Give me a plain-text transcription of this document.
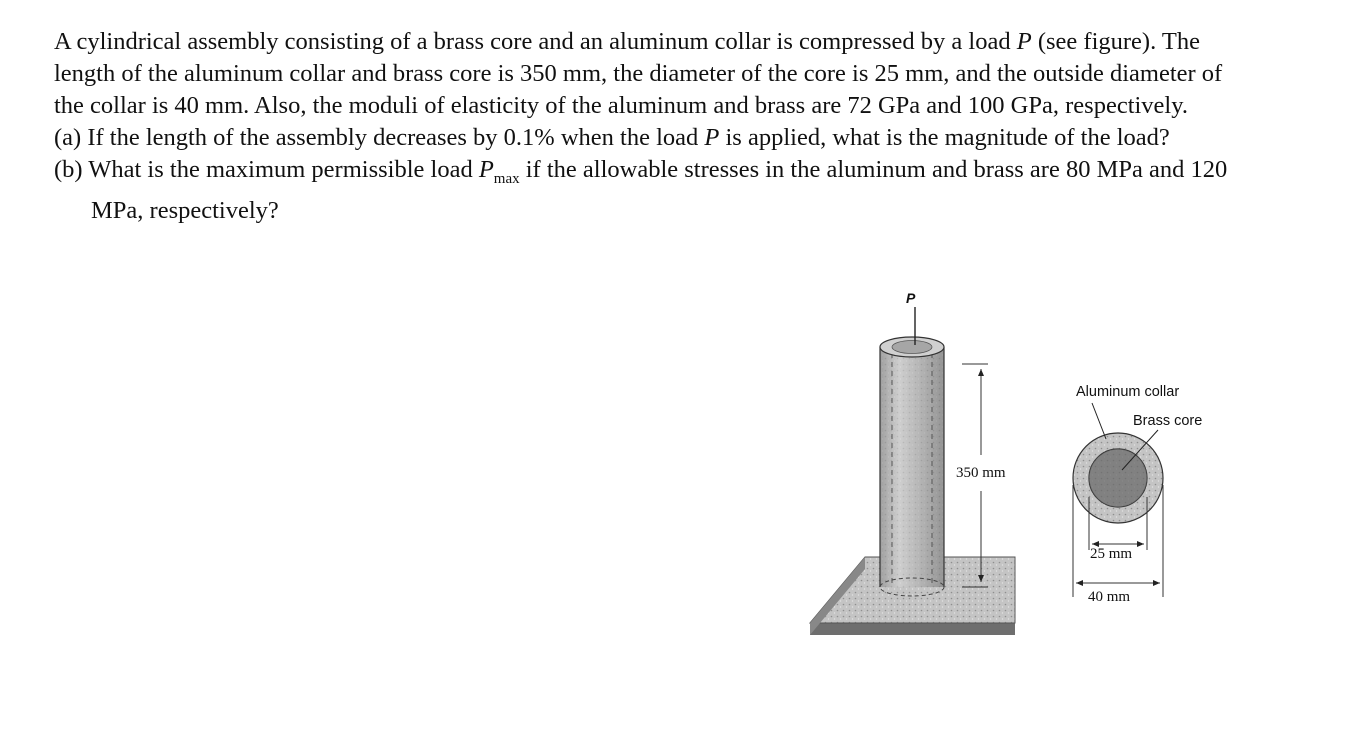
A cylindrical assembly consisting of a brass core and an aluminum collar is compressed by a load P (see figure). The length of the aluminum collar and brass core is 350 mm, the diameter of the core is 25 mm, and the outside diameter of the collar is 40 mm. Also, the moduli of elasticity of the aluminum and brass are 72 GPa and 100 GPa, respectively.

(a) If the length of the assembly decreases by 0.1% when the load P is applied, what is the magnitude of the load?

(b) What is the maximum permissible load $P_{max}$ if the allowable stresses in the aluminum and brass are 80 MPa and 120 MPa, respectively?

P
350 mm
Aluminum collar
Brass core
25 mm
40 mm
